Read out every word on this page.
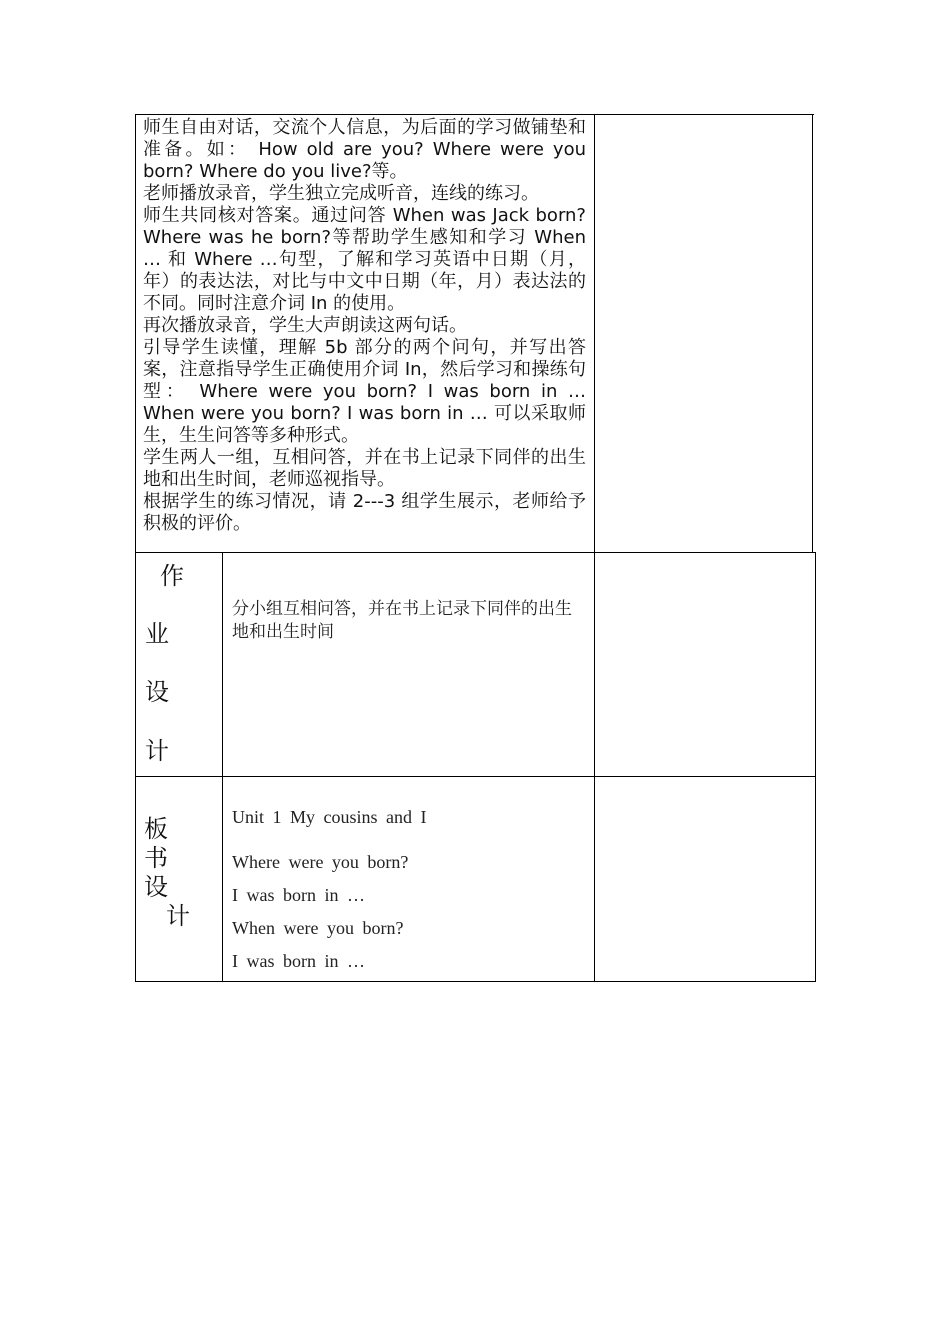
师生自由对话，交流个人信息，为后面的学习做铺垫和准备。如： How old are you? Where were you born? Where do you live?等。

老师播放录音，学生独立完成听音，连线的练习。

师生共同核对答案。通过问答 When was Jack born? Where was he born?等帮助学生感知和学习 When … 和 Where …句型，了解和学习英语中日期（月，年）的表达法，对比与中文中日期（年，月）表达法的不同。同时注意介词 In 的使用。

再次播放录音，学生大声朗读这两句话。

引导学生读懂，理解 5b 部分的两个问句，并写出答案，注意指导学生正确使用介词 In，然后学习和操练句型： Where were you born? I was born in … When were you born? I was born in … 可以采取师生，生生问答等多种形式。

学生两人一组，互相问答，并在书上记录下同伴的出生地和出生时间，老师巡视指导。

根据学生的练习情况，请 2---3 组学生展示，老师给予积极的评价。

作
业
设
计
分小组互相问答，并在书上记录下同伴的出生地和出生时间
板
书
设
计
Unit 1 My cousins and I
Where were you born?
I was born in …
When were you born?
I was born in …
